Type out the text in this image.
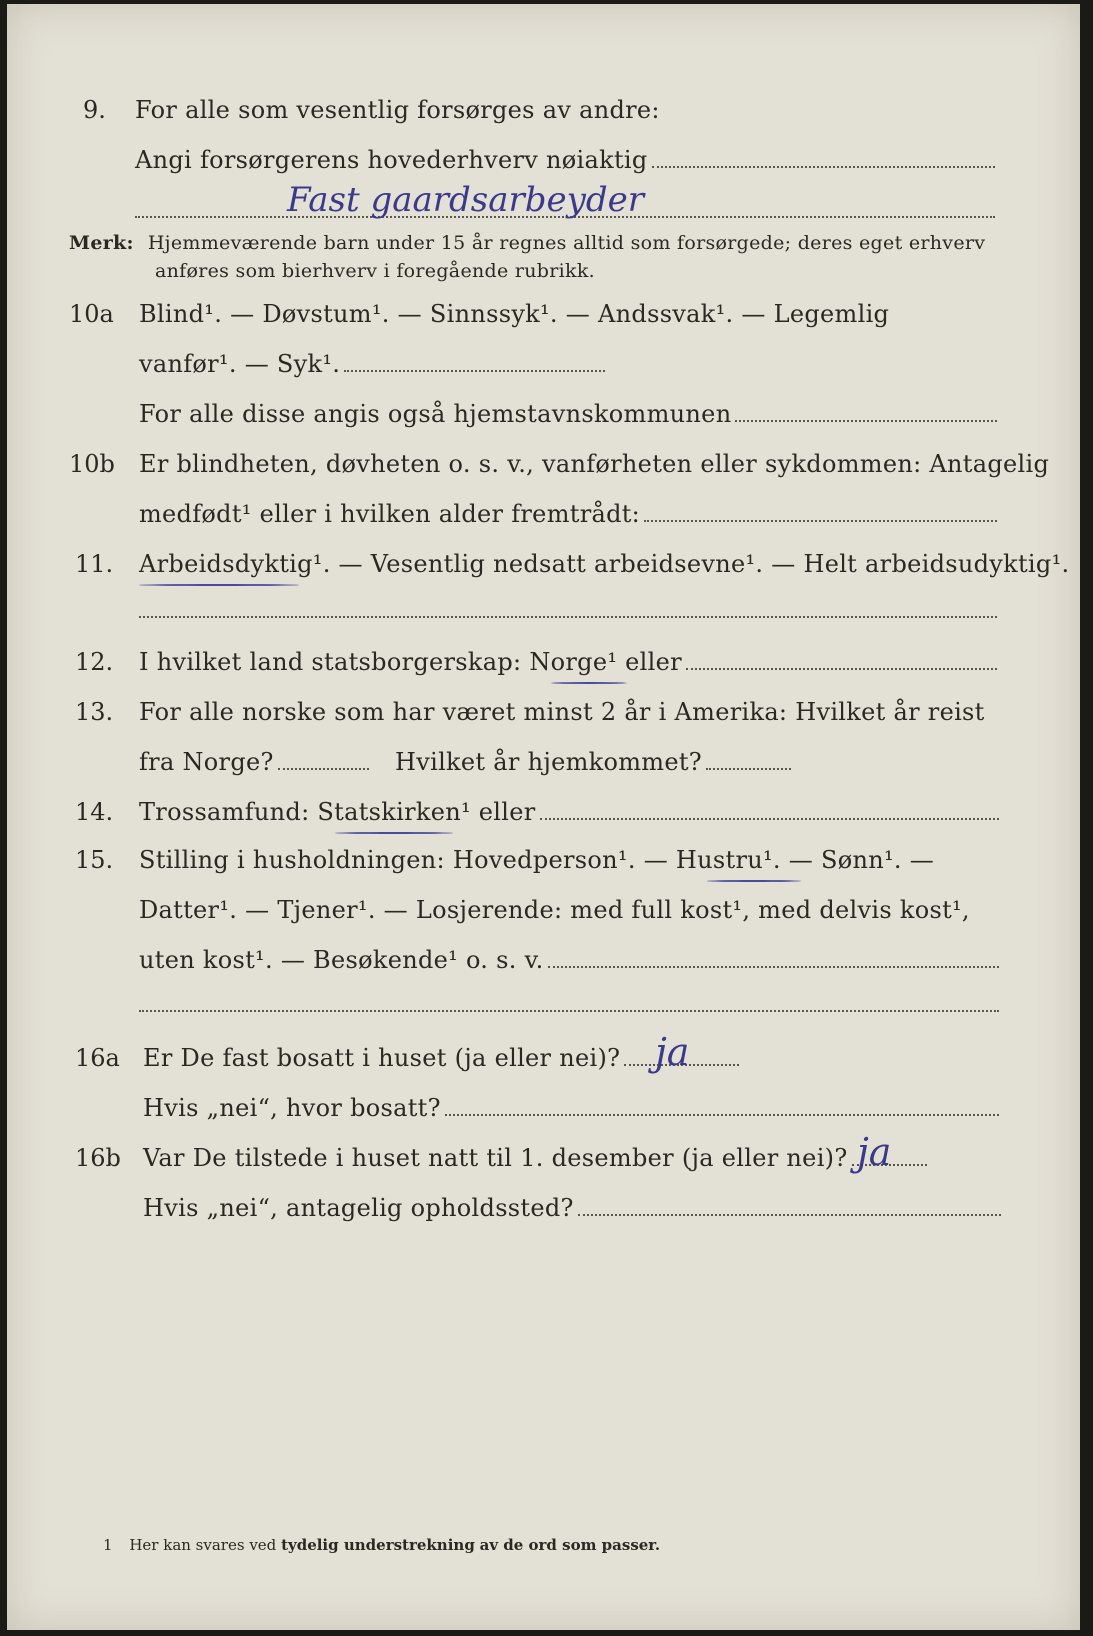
9. For alle som vesentlig forsørges av andre:
Angi forsørgerens hovederhverv nøiaktig
Fast gaardsarbeyder
Merk: Hjemmeværende barn under 15 år regnes alltid som forsørgede; deres eget erhverv
anføres som bierhverv i foregående rubrikk.
10a Blind¹. — Døvstum¹. — Sinnssyk¹. — Andssvak¹. — Legemlig
vanfør¹. — Syk¹.
For alle disse angis også hjemstavnskommunen
10b Er blindheten, døvheten o. s. v., vanførheten eller sykdommen: Antagelig
medfødt¹ eller i hvilken alder fremtrådt:
11. Arbeidsdyktig¹. — Vesentlig nedsatt arbeidsevne¹. — Helt arbeidsudyktig¹.
12. I hvilket land statsborgerskap: Norge¹ eller
13. For alle norske som har været minst 2 år i Amerika: Hvilket år reist
fra Norge?	Hvilket år hjemkommet?
14. Trossamfund: Statskirken¹ eller
15. Stilling i husholdningen: Hovedperson¹. — Hustru¹. — Sønn¹. —
Datter¹. — Tjener¹. — Losjerende: med full kost¹, med delvis kost¹,
uten kost¹. — Besøkende¹ o. s. v.
16a Er De fast bosatt i huset (ja eller nei)? ja
Hvis „nei“, hvor bosatt?
16b Var De tilstede i huset natt til 1. desember (ja eller nei)? ja
Hvis „nei“, antagelig opholdssted?
1 Her kan svares ved tydelig understrekning av de ord som passer.
